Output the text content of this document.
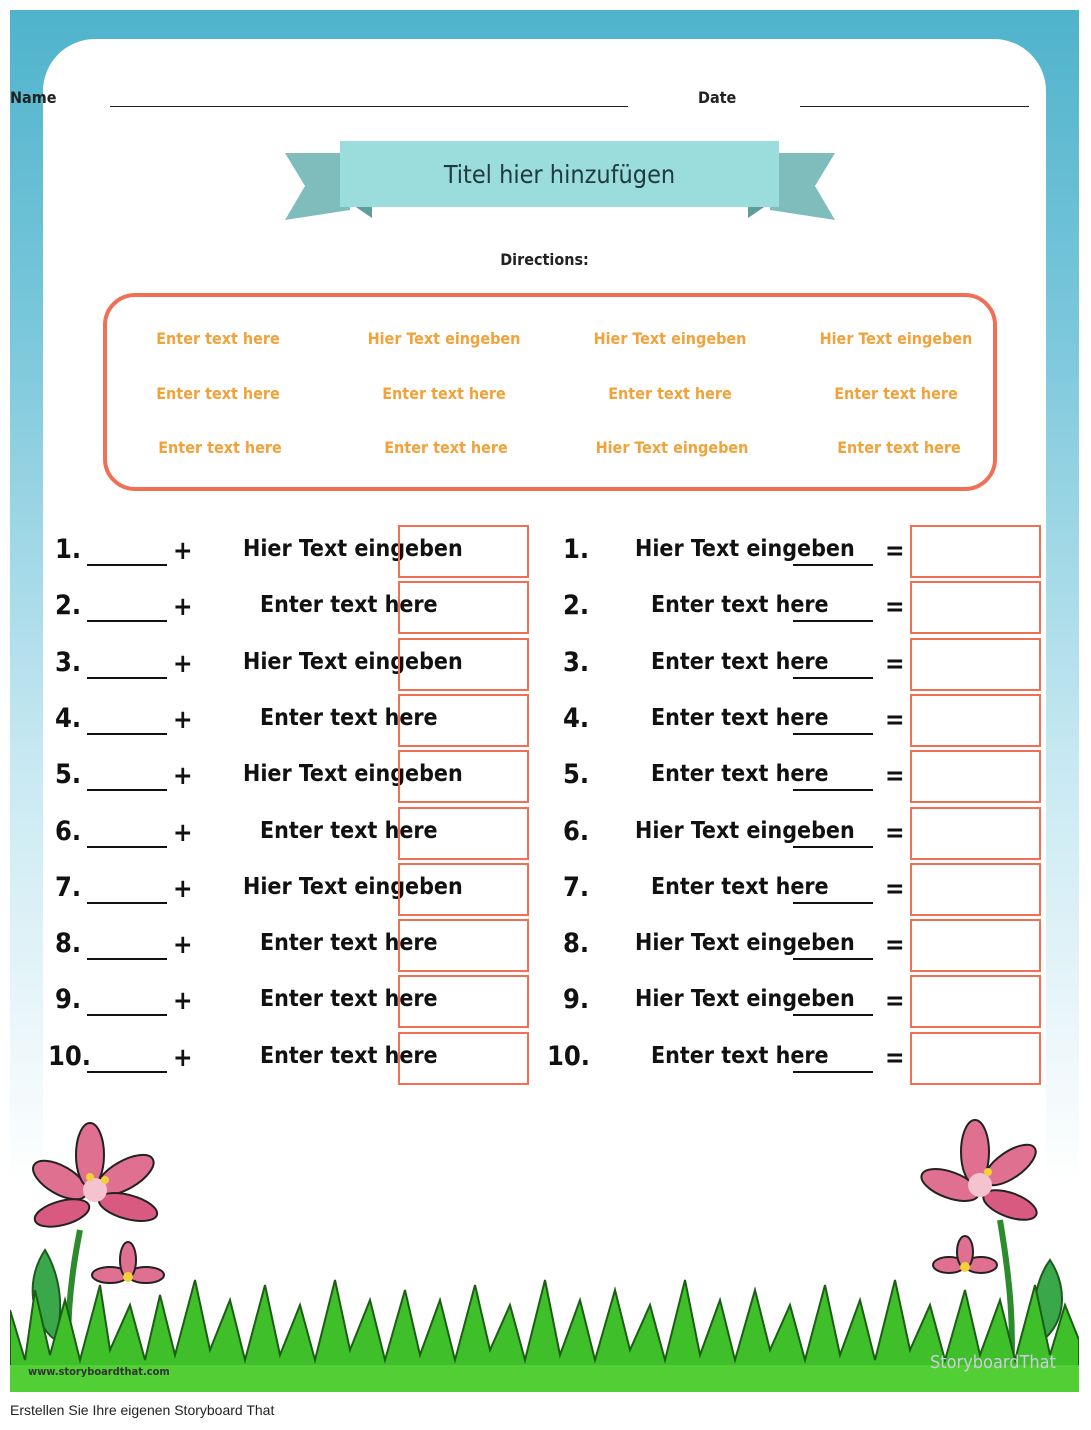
Name	Date
Titel hier hinzufügen
Directions:
Enter text here	Hier Text eingeben	Hier Text eingeben	Hier Text eingeben
Enter text here	Enter text here	Enter text here	Enter text here
Enter text here	Enter text here	Hier Text eingeben	Enter text here
www.storyboardthat.com	StoryboardThat
1.	+ Hier Text eingeben
2.	+	Enter text here
3.	+ Hier Text eingeben
4.	+	Enter text here
5.	+ Hier Text eingeben
6.	+	Enter text here
7.	+ Hier Text eingeben
8.	+	Enter text here
9.	+	Enter text here
10.	+	Enter text here
1. Hier Text eingeben =
2.	Enter text here =
3.	Enter text here =
4.	Enter text here =
5.	Enter text here =
6. Hier Text eingeben =
7.	Enter text here =
8. Hier Text eingeben =
9. Hier Text eingeben =
10.	Enter text here =
Erstellen Sie Ihre eigenen Storyboard That
